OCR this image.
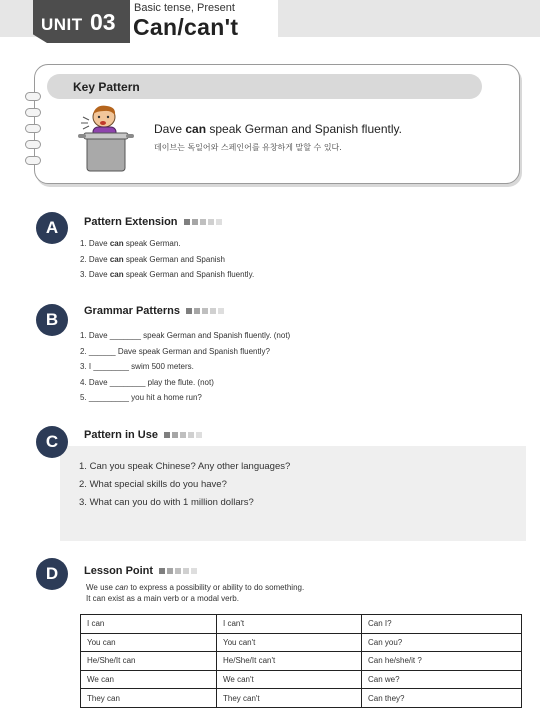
UNIT 03
Basic tense, Present
Can/can't
Key Pattern
Dave can speak German and Spanish fluently.
데이브는 독일어와 스페인어를 유창하게 말할 수 있다.
A	Pattern Extension
1. Dave can speak German.
2. Dave can speak German and Spanish
3. Dave can speak German and Spanish fluently.
B	Grammar Patterns
1. Dave _______ speak German and Spanish fluently. (not)
2. ______ Dave speak German and Spanish fluently?
3. I ________ swim 500 meters.
4. Dave ________ play the flute. (not)
5. _________ you hit a home run?
C	Pattern in Use
1. Can you speak Chinese? Any other languages?
2. What special skills do you have?
3. What can you do with 1 million dollars?
D	Lesson Point
We use can to express a possibility or ability to do something.
It can exist as a main verb or a modal verb.
I can	I can't	Can I?
You can	You can't	Can you?
He/She/It can	He/She/It can't	Can he/she/it ?
We can	We can't	Can we?
They can	They can't	Can they?
